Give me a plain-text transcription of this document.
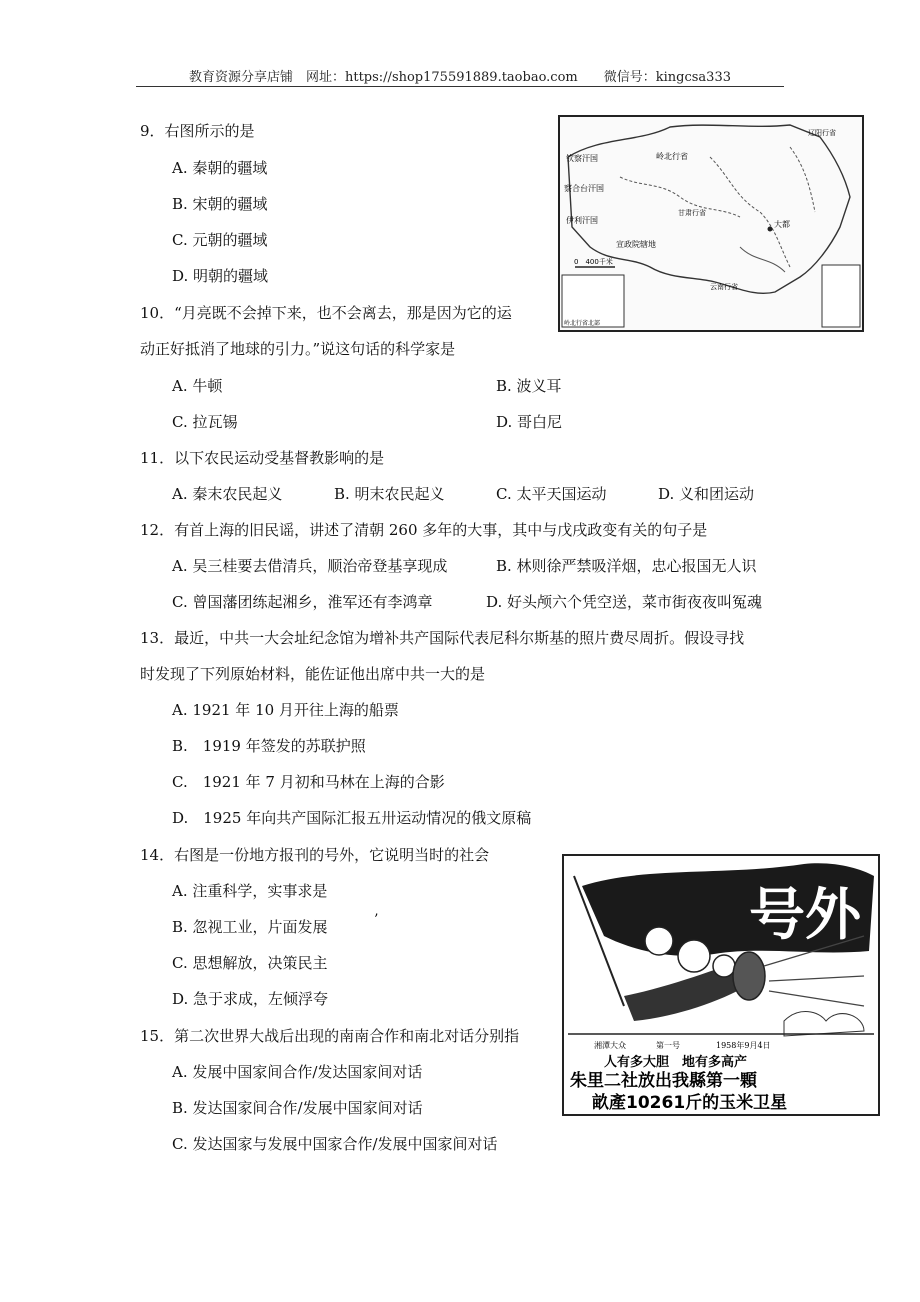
教育资源分享店铺　网址：https://shop175591889.taobao.com　　微信号：kingcsa333
9．右图所示的是
A. 秦朝的疆域
B. 宋朝的疆域
C. 元朝的疆域
D. 明朝的疆域
钦察汗国	岭北行省
辽阳行省
察合台汗国
伊利汗国
宣政院辖地
甘肃行省
大都
云南行省
0　400千米
岭北行省北部
10．“月亮既不会掉下来，也不会离去，那是因为它的运
动正好抵消了地球的引力。”说这句话的科学家是
A. 牛顿	B. 波义耳
C. 拉瓦锡	D. 哥白尼
11．以下农民运动受基督教影响的是
A. 秦末农民起义	B. 明末农民起义	C. 太平天国运动	D. 义和团运动
12．有首上海的旧民谣，讲述了清朝 260 多年的大事，其中与戊戌政变有关的句子是
A. 吴三桂要去借清兵，顺治帝登基享现成	B. 林则徐严禁吸洋烟，忠心报国无人识
C. 曾国藩团练起湘乡，淮军还有李鸿章	D. 好头颅六个凭空送，菜市街夜夜叫冤魂
13．最近，中共一大会址纪念馆为增补共产国际代表尼科尔斯基的照片费尽周折。假设寻找
时发现了下列原始材料，能佐证他出席中共一大的是
A. 1921 年 10 月开往上海的船票
B.　1919 年签发的苏联护照
C.　1921 年 7 月初和马林在上海的合影
D.　1925 年向共产国际汇报五卅运动情况的俄文原稿
14．右图是一份地方报刊的号外，它说明当时的社会
A. 注重科学，实事求是
B. 忽视工业，片面发展	’
C. 思想解放，决策民主
D. 急于求成，左倾浮夸
号外
湘潭大众	第一号	1958年9月4日
人有多大胆　地有多高产
朱里二社放出我縣第一顆
畝產10261斤的玉米卫星
15．第二次世界大战后出现的南南合作和南北对话分别指
A. 发展中国家间合作/发达国家间对话
B. 发达国家间合作/发展中国家间对话
C. 发达国家与发展中国家合作/发展中国家间对话
